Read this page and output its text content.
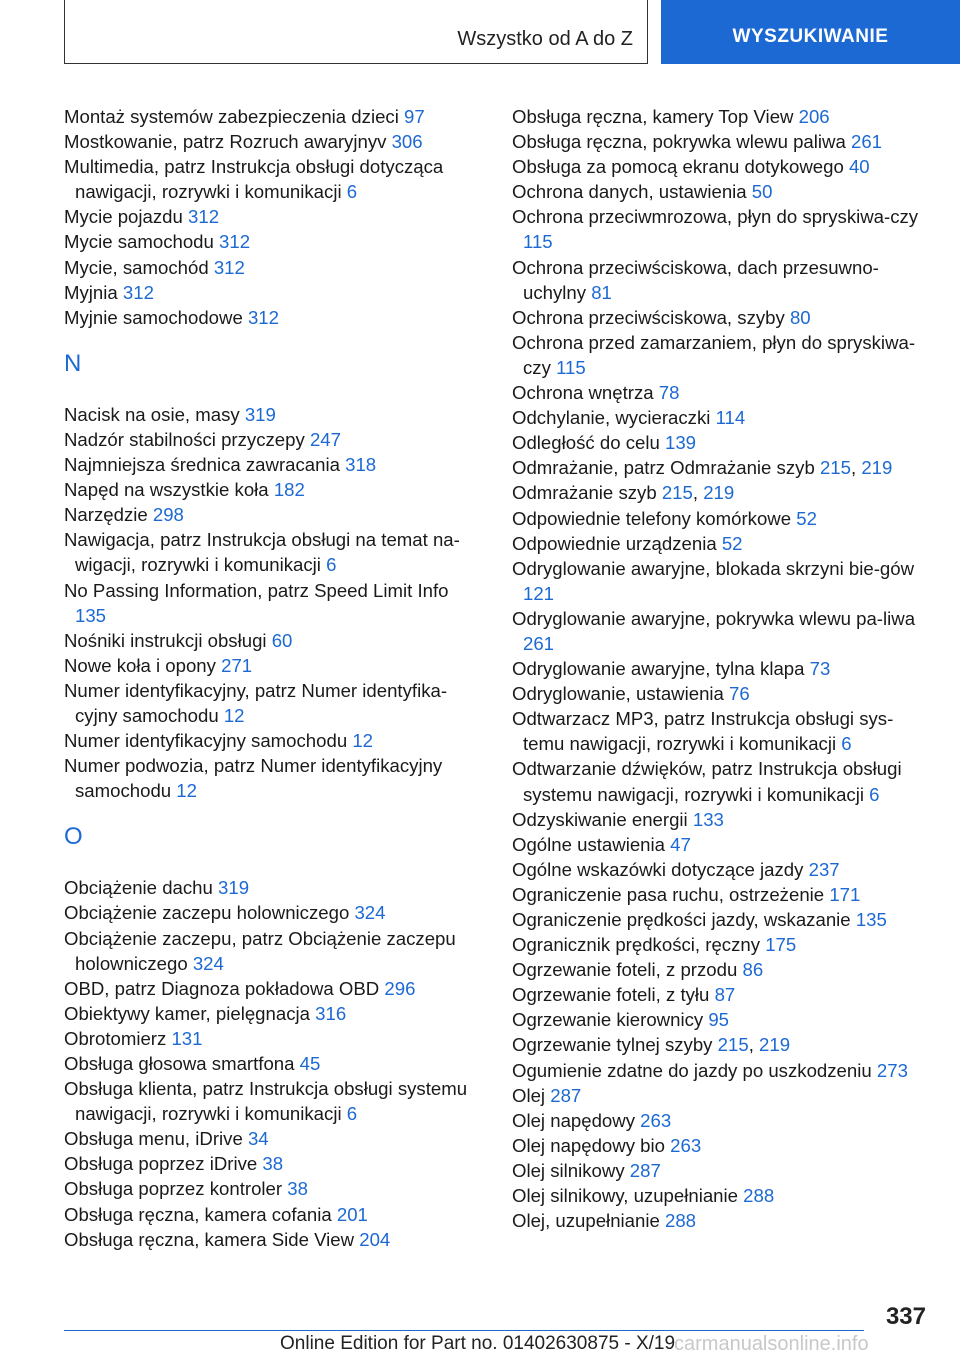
Wszystko od A do Z	WYSZUKIWANIE

Montaż systemów zabezpieczenia dzieci 97

Mostkowanie, patrz Rozruch awaryjnyv 306

Multimedia, patrz Instrukcja obsługi dotycząca nawigacji, rozrywki i komunikacji 6

Mycie pojazdu 312

Mycie samochodu 312

Mycie, samochód 312

Myjnia 312

Myjnie samochodowe 312

N

Nacisk na osie, masy 319

Nadzór stabilności przyczepy 247

Najmniejsza średnica zawracania 318

Napęd na wszystkie koła 182

Narzędzie 298

Nawigacja, patrz Instrukcja obsługi na temat na-wigacji, rozrywki i komunikacji 6

No Passing Information, patrz Speed Limit Info 135

Nośniki instrukcji obsługi 60

Nowe koła i opony 271

Numer identyfikacyjny, patrz Numer identyfika-cyjny samochodu 12

Numer identyfikacyjny samochodu 12

Numer podwozia, patrz Numer identyfikacyjny samochodu 12

O

Obciążenie dachu 319

Obciążenie zaczepu holowniczego 324

Obciążenie zaczepu, patrz Obciążenie zaczepu holowniczego 324

OBD, patrz Diagnoza pokładowa OBD 296

Obiektywy kamer, pielęgnacja 316

Obrotomierz 131

Obsługa głosowa smartfona 45

Obsługa klienta, patrz Instrukcja obsługi systemu nawigacji, rozrywki i komunikacji 6

Obsługa menu, iDrive 34

Obsługa poprzez iDrive 38

Obsługa poprzez kontroler 38

Obsługa ręczna, kamera cofania 201

Obsługa ręczna, kamera Side View 204

Obsługa ręczna, kamery Top View 206

Obsługa ręczna, pokrywka wlewu paliwa 261

Obsługa za pomocą ekranu dotykowego 40

Ochrona danych, ustawienia 50

Ochrona przeciwmrozowa, płyn do spryskiwa-czy 115

Ochrona przeciwściskowa, dach przesuwno-uchylny 81

Ochrona przeciwściskowa, szyby 80

Ochrona przed zamarzaniem, płyn do spryskiwa-czy 115

Ochrona wnętrza 78

Odchylanie, wycieraczki 114

Odległość do celu 139

Odmrażanie, patrz Odmrażanie szyb 215, 219

Odmrażanie szyb 215, 219

Odpowiednie telefony komórkowe 52

Odpowiednie urządzenia 52

Odryglowanie awaryjne, blokada skrzyni bie-gów 121

Odryglowanie awaryjne, pokrywka wlewu pa-liwa 261

Odryglowanie awaryjne, tylna klapa 73

Odryglowanie, ustawienia 76

Odtwarzacz MP3, patrz Instrukcja obsługi sys-temu nawigacji, rozrywki i komunikacji 6

Odtwarzanie dźwięków, patrz Instrukcja obsługi systemu nawigacji, rozrywki i komunikacji 6

Odzyskiwanie energii 133

Ogólne ustawienia 47

Ogólne wskazówki dotyczące jazdy 237

Ograniczenie pasa ruchu, ostrzeżenie 171

Ograniczenie prędkości jazdy, wskazanie 135

Ogranicznik prędkości, ręczny 175

Ogrzewanie foteli, z przodu 86

Ogrzewanie foteli, z tyłu 87

Ogrzewanie kierownicy 95

Ogrzewanie tylnej szyby 215, 219

Ogumienie zdatne do jazdy po uszkodzeniu 273

Olej 287

Olej napędowy 263

Olej napędowy bio 263

Olej silnikowy 287

Olej silnikowy, uzupełnianie 288

Olej, uzupełnianie 288

337
Online Edition for Part no. 01402630875 - X/19
carmanualsonline.info
